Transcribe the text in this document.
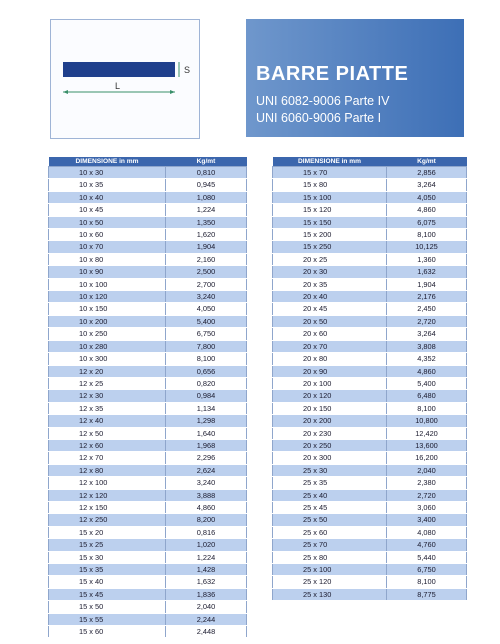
S
L
BARRE PIATTE
UNI 6082-9006 Parte IV
UNI 6060-9006 Parte I
DIMENSIONE in mm	Kg/mt
10 x 30	0,810
10 x 35	0,945
10 x 40	1,080
10 x 45	1,224
10 x 50	1,350
10 x 60	1,620
10 x 70	1,904
10 x 80	2,160
10 x 90	2,500
10 x 100	2,700
10 x 120	3,240
10 x 150	4,050
10 x 200	5,400
10 x 250	6,750
10 x 280	7,800
10 x 300	8,100
12 x 20	0,656
12 x 25	0,820
12 x 30	0,984
12 x 35	1,134
12 x 40	1,298
12 x 50	1,640
12 x 60	1,968
12 x 70	2,296
12 x 80	2,624
12 x 100	3,240
12 x 120	3,888
12 x 150	4,860
12 x 250	8,200
15 x 20	0,816
15 x 25	1,020
15 x 30	1,224
15 x 35	1,428
15 x 40	1,632
15 x 45	1,836
15 x 50	2,040
15 x 55	2,244
15 x 60	2,448
DIMENSIONE in mm	Kg/mt
15 x 70	2,856
15 x 80	3,264
15 x 100	4,050
15 x 120	4,860
15 x 150	6,075
15 x 200	8,100
15 x 250	10,125
20 x 25	1,360
20 x 30	1,632
20 x 35	1,904
20 x 40	2,176
20 x 45	2,450
20 x 50	2,720
20 x 60	3,264
20 x 70	3,808
20 x 80	4,352
20 x 90	4,860
20 x 100	5,400
20 x 120	6,480
20 x 150	8,100
20 x 200	10,800
20 x 230	12,420
20 x 250	13,600
20 x 300	16,200
25 x 30	2,040
25 x 35	2,380
25 x 40	2,720
25 x 45	3,060
25 x 50	3,400
25 x 60	4,080
25 x 70	4,760
25 x 80	5,440
25 x 100	6,750
25 x 120	8,100
25 x 130	8,775
